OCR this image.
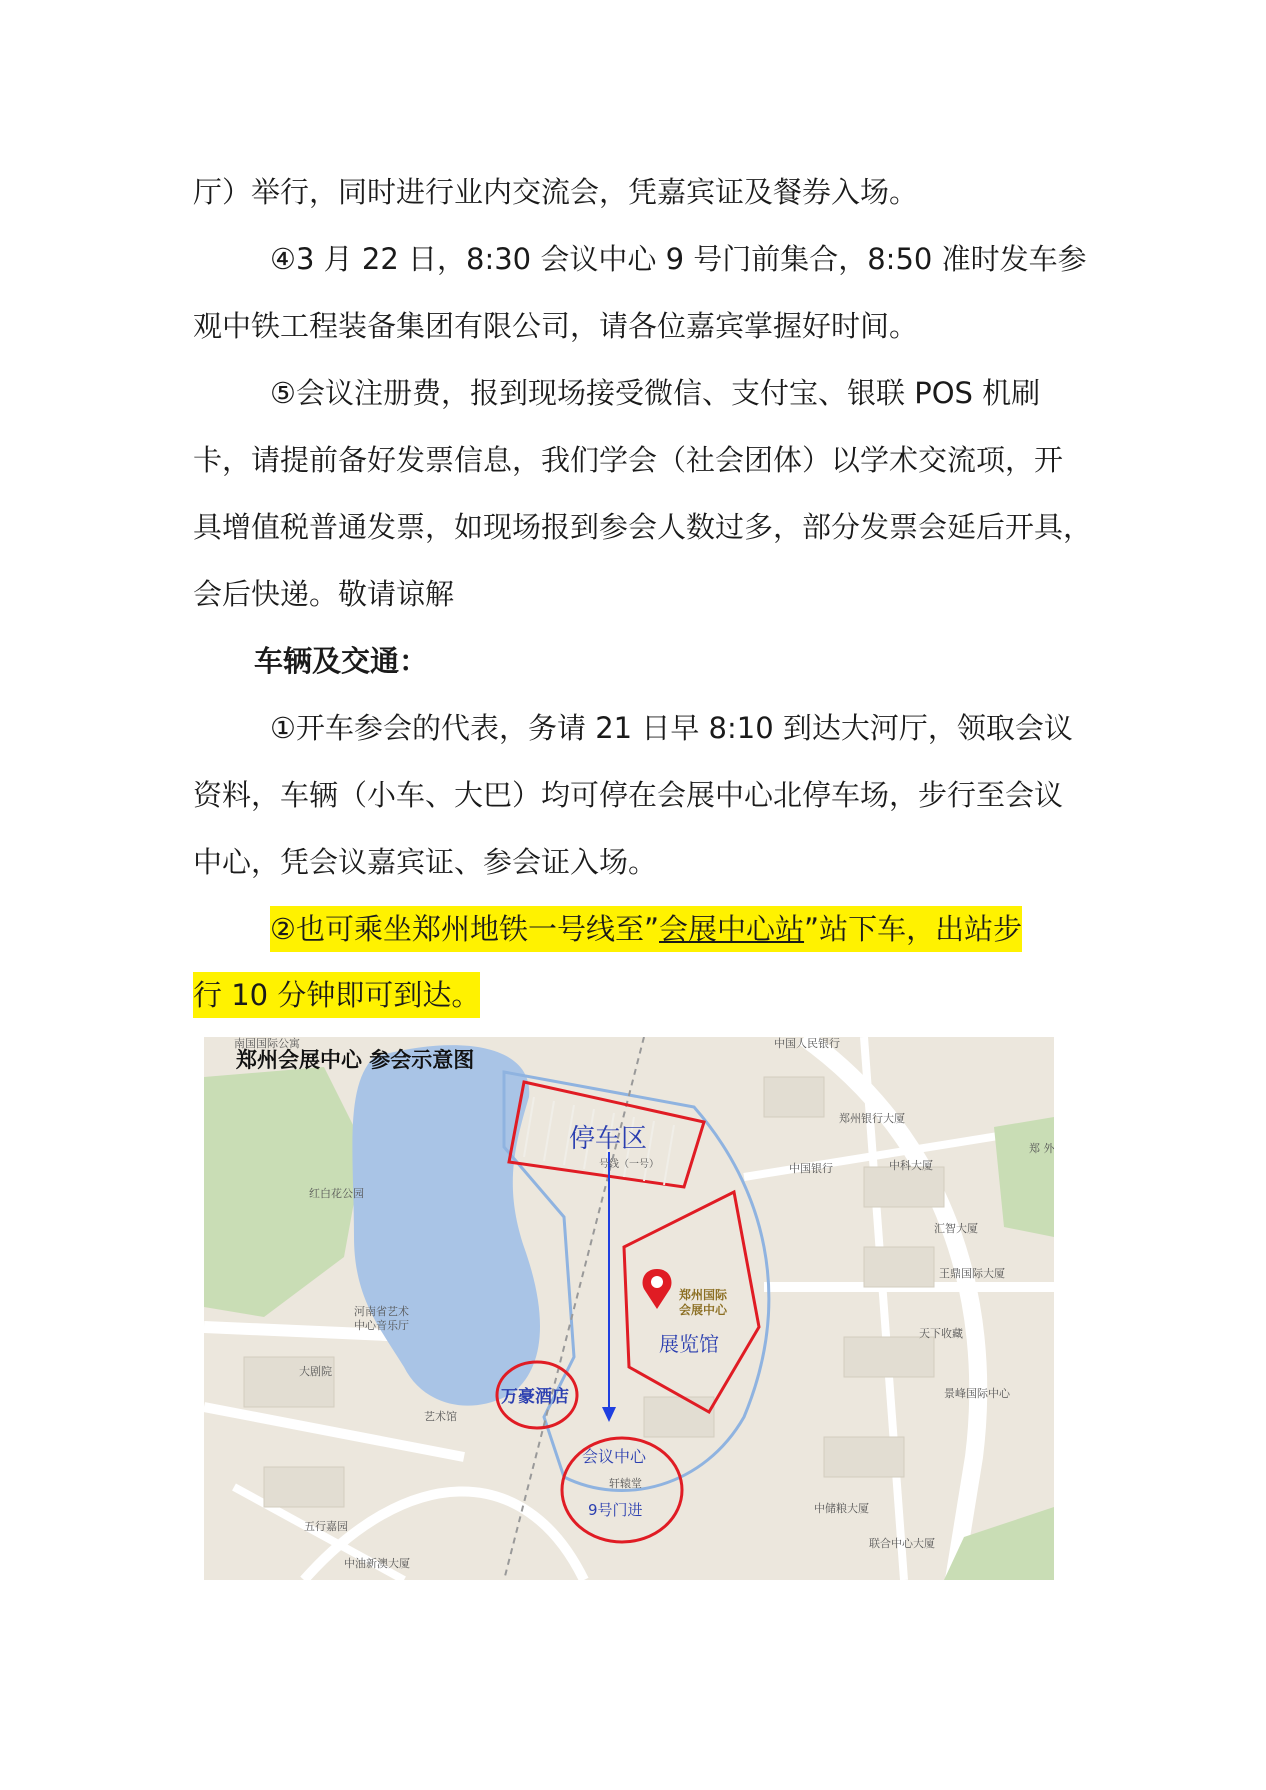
厅）举行，同时进行业内交流会，凭嘉宾证及餐券入场。
④3 月 22 日，8:30 会议中心 9 号门前集合，8:50 准时发车参
观中铁工程装备集团有限公司，请各位嘉宾掌握好时间。
⑤会议注册费，报到现场接受微信、支付宝、银联 POS 机刷
卡，请提前备好发票信息，我们学会（社会团体）以学术交流项，开
具增值税普通发票，如现场报到参会人数过多，部分发票会延后开具，
会后快递。敬请谅解
车辆及交通：
①开车参会的代表，务请 21 日早 8:10 到达大河厅，领取会议
资料，车辆（小车、大巴）均可停在会展中心北停车场，步行至会议
中心，凭会议嘉宾证、参会证入场。
②也可乘坐郑州地铁一号线至”会展中心站”站下车，出站步
行 10 分钟即可到达。
郑州会展中心 参会示意图
停车区
展览馆
万豪酒店
会议中心
9号门进
郑州国际
会展中心
南国国际公寓	中国人民银行
郑州银行大厦
中国银行	中科大厦
汇智大厦
王鼎国际大厦
天下收藏
景峰国际中心
中储粮大厦
联合中心大厦
红白花公园
河南省艺术
中心音乐厅
大剧院
艺术馆
五行嘉园
中油新澳大厦
轩辕堂
号线（一号）
郑 外
